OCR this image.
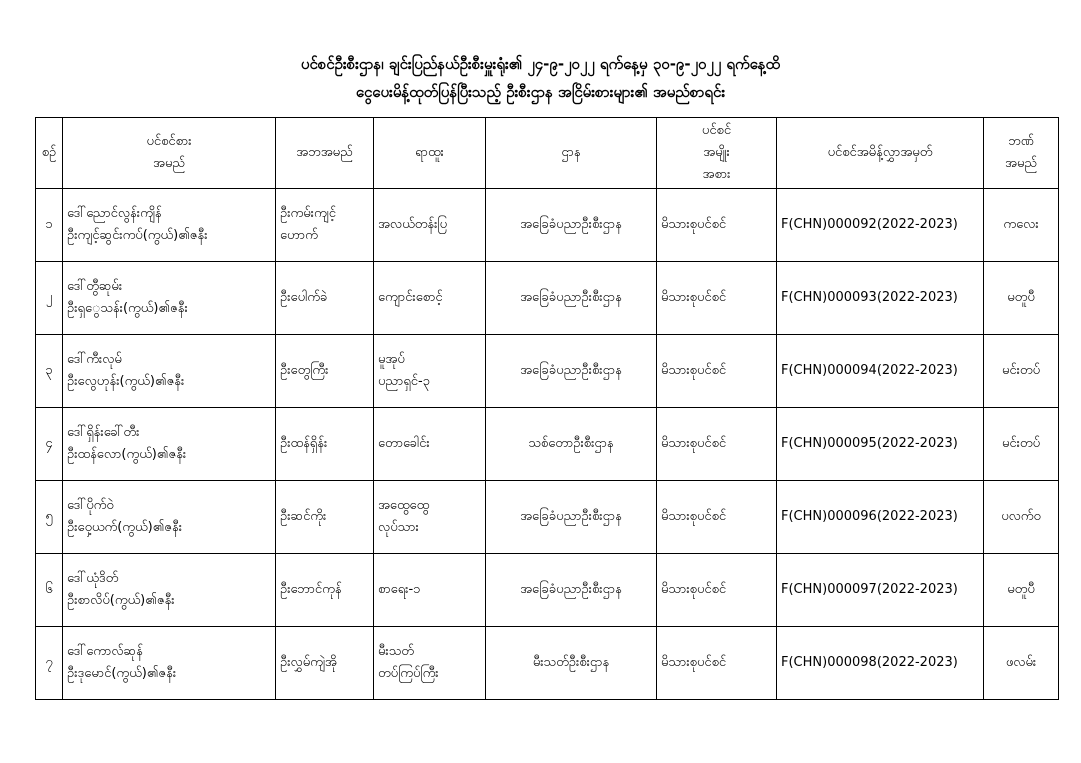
ပင်စင်ဦးစီးဌာန၊ ချင်းပြည်နယ်ဦးစီးမှူးရုံး၏ ၂၄-၉-၂၀၂၂ ရက်နေ့မှ ၃၀-၉-၂၀၂၂ ရက်နေ့ထိ
ငွေပေးမိန့်ထုတ်ပြန်ပြီးသည့် ဦးစီးဌာန အငြိမ်းစားများ၏ အမည်စာရင်း
စဉ်	ပင်စင်စား
အမည်	အဘအမည်	ရာထူး	ဌာန	ပင်စင်
အမျိုး
အစား	ပင်စင်အမိန့်လွှာအမှတ်	ဘဏ်
အမည်

၁	ဒေါ်ညောင်လွန်းကျိန်
ဦးကျင့်ဆွင်းကပ်(ကွယ်)၏ဇနီး	ဦးကမ်းကျင့်
ဟောက်	အလယ်တန်းပြ	အခြေခံပညာဦးစီးဌာန	မိသားစုပင်စင်	F(CHN)000092(2022-2023)	ကလေး

၂	ဒေါ်တွီဆုမ်း
ဦးရှွေသန်း(ကွယ်)၏ဇနီး	ဦးပေါက်ခဲ	ကျောင်းစောင့်	အခြေခံပညာဦးစီးဌာန	မိသားစုပင်စင်	F(CHN)000093(2022-2023)	မတူပီ

၃	ဒေါ်ကီးလုမ်
ဦးလွေဟုန်း(ကွယ်)၏ဇနီး	ဦးတွေကြီး	မူအုပ်
ပညာရှင်-၃	အခြေခံပညာဦးစီးဌာန	မိသားစုပင်စင်	F(CHN)000094(2022-2023)	မင်းတပ်

၄	ဒေါ်ရှိန်းခေါ်တီး
ဦးထန်လော(ကွယ်)၏ဇနီး	ဦးထန်ရှိန်း	တောခေါင်း	သစ်တောဦးစီးဌာန	မိသားစုပင်စင်	F(CHN)000095(2022-2023)	မင်းတပ်

၅	ဒေါ်ပိုက်ဝဲ
ဦးဝှေ့ယက်(ကွယ်)၏ဇနီး	ဦးဆင်ကိုး	အထွေထွေ
လုပ်သား	အခြေခံပညာဦးစီးဌာန	မိသားစုပင်စင်	F(CHN)000096(2022-2023)	ပလက်ဝ

၆	ဒေါ်ယုံဒိတ်
ဦးစာလိပ်(ကွယ်)၏ဇနီး	ဦးဘောင်ကုန်	စာရေး-၁	အခြေခံပညာဦးစီးဌာန	မိသားစုပင်စင်	F(CHN)000097(2022-2023)	မတူပီ

၇	ဒေါ်ကောလ်ဆုန်
ဦးဒုမောင်(ကွယ်)၏ဇနီး	ဦးလွှမ်ကျဲအို	မီးသတ်
တပ်ကြပ်ကြီး	မီးသတ်ဦးစီးဌာန	မိသားစုပင်စင်	F(CHN)000098(2022-2023)	ဖလမ်း
